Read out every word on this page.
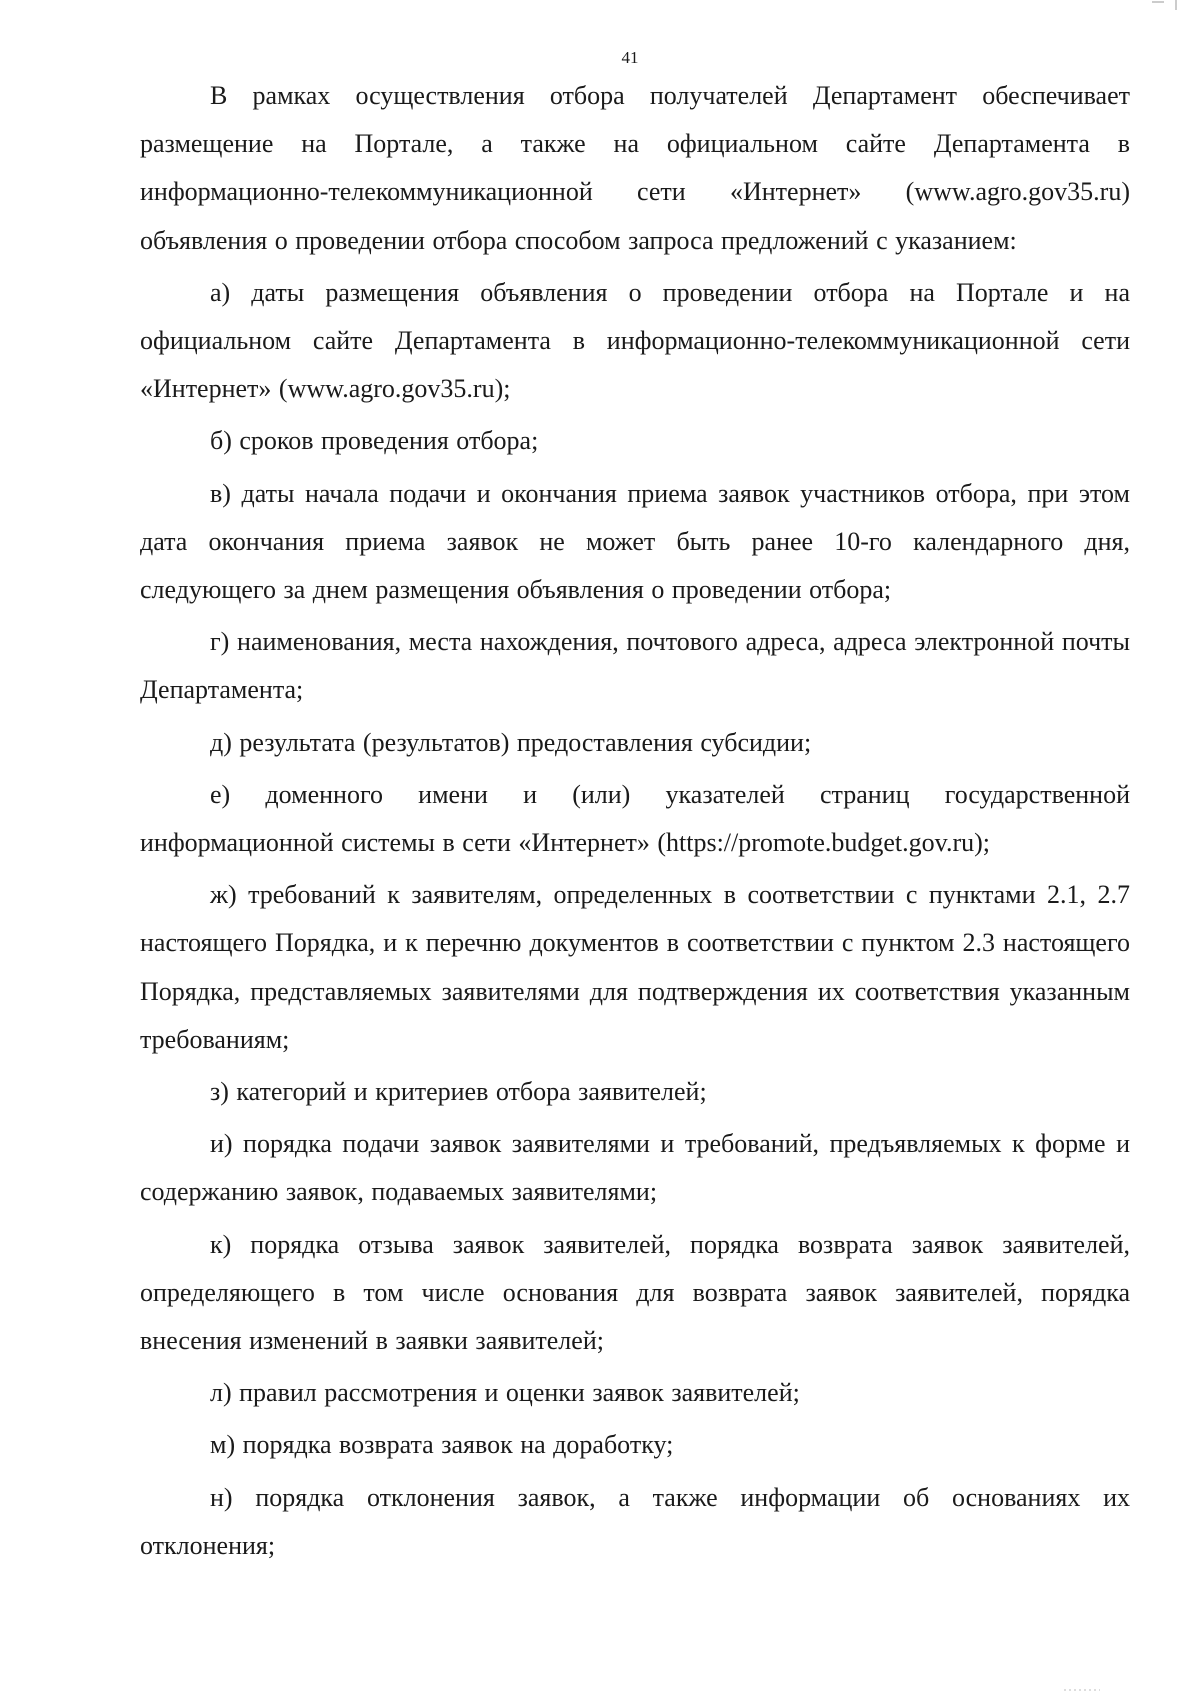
41

В рамках осуществления отбора получателей Департамент обеспечивает размещение на Портале, а также на официальном сайте Департамента в информационно-телекоммуникационной сети «Интернет» (www.agro.gov35.ru) объявления о проведении отбора способом запроса предложений с указанием:

а) даты размещения объявления о проведении отбора на Портале и на официальном сайте Департамента в информационно-телекоммуникационной сети «Интернет» (www.agro.gov35.ru);

б) сроков проведения отбора;

в) даты начала подачи и окончания приема заявок участников отбора, при этом дата окончания приема заявок не может быть ранее 10-го календарного дня, следующего за днем размещения объявления о проведении отбора;

г) наименования, места нахождения, почтового адреса, адреса электронной почты Департамента;

д) результата (результатов) предоставления субсидии;

е) доменного имени и (или) указателей страниц государственной информационной системы в сети «Интернет» (https://promote.budget.gov.ru);

ж) требований к заявителям, определенных в соответствии с пунктами 2.1, 2.7 настоящего Порядка, и к перечню документов в соответствии с пунктом 2.3 настоящего Порядка, представляемых заявителями для подтверждения их соответствия указанным требованиям;

з) категорий и критериев отбора заявителей;

и) порядка подачи заявок заявителями и требований, предъявляемых к форме и содержанию заявок, подаваемых заявителями;

к) порядка отзыва заявок заявителей, порядка возврата заявок заявителей, определяющего в том числе основания для возврата заявок заявителей, порядка внесения изменений в заявки заявителей;

л) правил рассмотрения и оценки заявок заявителей;

м) порядка возврата заявок на доработку;

н) порядка отклонения заявок, а также информации об основаниях их отклонения;
